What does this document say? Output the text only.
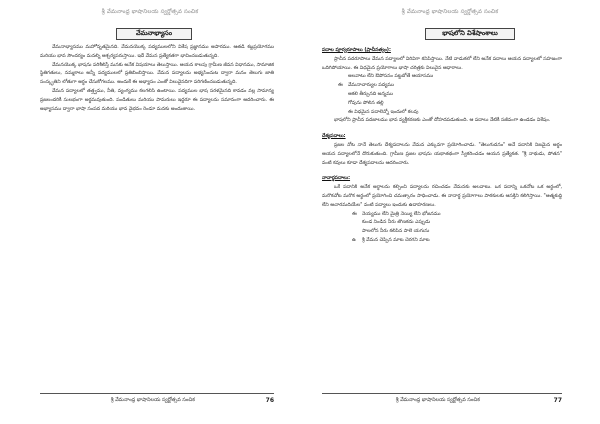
శ్రీ వేమనాంధ్ర భాషానిలయ స్వర్ణోత్సవ సంచిక
వేమనాభ్యాసం

వేమనాభ్యాసము మహోన్నతమైనది. వేమనయొక్క పద్యములలోని విశేష ప్రజ్ఞానము అపారము. ఆతడి శబ్దప్రయోగము మరియు భావ సౌందర్యం మనల్ని ఆశ్చర్యపరుస్తాయి. ఇదే వేమన ప్రత్యేకతగా భావించబడుతున్నది.

వేమనయొక్క భాషను పరిశీలిస్తే మనకు అనేక విషయాలు తెలుస్తాయి. ఆయన కాలపు గ్రామీణ జీవన విధానము, సామాజిక స్థితిగతులు, నమ్మకాలు అన్నీ పద్యములలో ప్రతిబింబిస్తాయి. వేమన పద్యాలను అభ్యసించుట ద్వారా మనం తెలుగు జాతి సంస్కృతిని లోతుగా అర్థం చేసుకోగలము. అందుకే ఈ అభ్యాసం ఎంతో విలువైనదిగా పరిగణించబడుతున్నది.

వేమన పద్యాలలో తత్త్వము, నీతి, వ్యంగ్యము కలగలిసి ఉంటాయి. పద్యముల భాష సరళమైనది కావడం వల్ల సామాన్య ప్రజలందరికీ సులభంగా అర్థమవుతుంది. పండితులు మరియు పామరులు ఇద్దరూ ఈ పద్యాలను సమానంగా ఆదరించారు. ఈ అభ్యాసము ద్వారా భాషా సంపద మరియు భావ వైభవం రెండూ మనకు అందుతాయి.

శ్రీ వేమనాంధ్ర భాషానిలయ స్వర్ణోత్సవ సంచిక	76
శ్రీ వేమనాంధ్ర భాషానిలయ స్వర్ణోత్సవ సంచిక
భాషలోని విశేషాంశాలు
పదాల పూర్వరూపాలు (ప్రాచీనత్వం):

ప్రాచీన పదరూపాలు వేమన పద్యాలలో విరివిగా కనిపిస్తాయి. నేటి వాడుకలో లేని అనేక పదాలు ఆయన పద్యాలలో సహజంగా ఒదిగిపోయాయి. ఈ విధమైన ప్రయోగాలు భాషా చరిత్రకు విలువైన ఆధారాలు.

అలవాటు లేని ఔపోసనం పట్టబోతే ఆయాసము
ఈ	వేమనాచార్యుల పద్యము
ఆకలి తీర్చునది అన్నము
గోవును పోలిన తల్లి
ఈ విధమైన పదాలెన్నో ఇందులో కలవు

భాషలోని ప్రాచీన పదజాలము భావ వ్యక్తీకరణకు ఎంతో దోహదపడుతుంది. ఆ పదాలు నేటికీ సజీవంగా ఉండడం విశేషం.

దేశ్యపదాలు:

ప్రజల నోట నానే తెలుగు దేశ్యపదాలను వేమన ఎక్కువగా ప్రయోగించాడు. "తెలుగుదనం" అనే పదానికి నిజమైన అర్థం ఆయన పద్యాలలోనే దొరుకుతుంది. గ్రామీణ ప్రజల భాషను యథాతథంగా స్వీకరించడం ఆయన ప్రత్యేకత. "శ్రీ నాథుడు, పోతన" వంటి కవులు కూడా దేశ్యపదాలను ఆదరించారు.

నానార్థపదాలు:

ఒకే పదానికి అనేక అర్థాలను కల్పించి పద్యాలను రచించడం వేమనకు అలవాటు. ఒక పదాన్ని ఒకచోట ఒక అర్థంలో, మరొకచోట మరొక అర్థంలో ప్రయోగించి చమత్కారం సాధించాడు. ఈ నానార్థ ప్రయోగాలు పాఠకులకు ఆసక్తిని కలిగిస్తాయి. "ఆత్మశుద్ధి లేని ఆచారమదియేల" వంటి పద్యాలు ఇందుకు ఉదాహరణలు.

ఈ	నెయ్యము లేని మైత్రి నెయ్యి లేని భోజనము
కుండ నిండిన నీరు తొణకదు ఎప్పుడు
పాలలోన నీరు కలిపిన పాలె యగును
ఉ	శ్రీ వేమన చెప్పిన మాట చెరగని మాట
శ్రీ వేమనాంధ్ర భాషానిలయ స్వర్ణోత్సవ సంచిక	77
